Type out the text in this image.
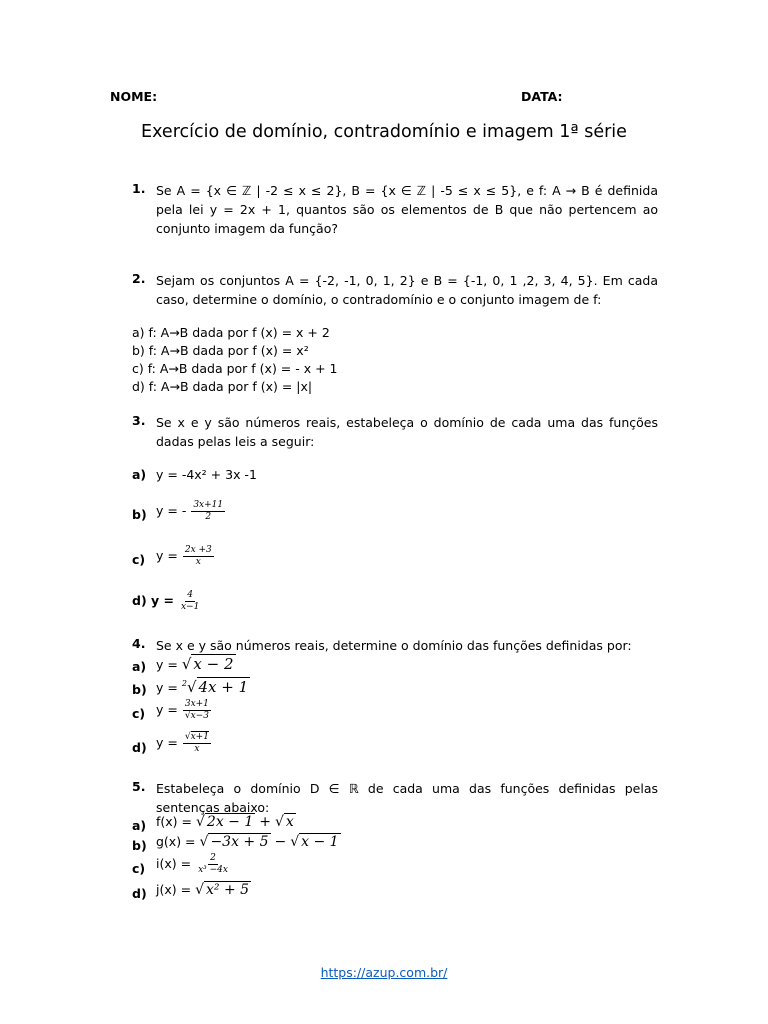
NOME:	DATA:
Exercício de domínio, contradomínio e imagem 1ª série
1. Se A = {x ∈ ℤ | -2 ≤ x ≤ 2}, B = {x ∈ ℤ | -5 ≤ x ≤ 5}, e f: A → B é definida pela lei y = 2x + 1, quantos são os elementos de B que não pertencem ao conjunto imagem da função?
2. Sejam os conjuntos A = {-2, -1, 0, 1, 2} e B = {-1, 0, 1 ,2, 3, 4, 5}. Em cada caso, determine o domínio, o contradomínio e o conjunto imagem de f:
a) f: A→B dada por f (x) = x + 2
b) f: A→B dada por f (x) = x²
c) f: A→B dada por f (x) = - x + 1
d) f: A→B dada por f (x) = |x|
3. Se x e y são números reais, estabeleça o domínio de cada uma das funções dadas pelas leis a seguir:
a) y = -4x² + 3x -1
b) y = - $\frac{3x+11}{2}$
c) $y = \frac{2x +3}{x}$
d) $y = \frac{4}{x-1}$
4. Se x e y são números reais, determine o domínio das funções definidas por:
a) y = √ x − 2
b) y = $^2$√ 4x + 1
c) $y = \frac{3x+1}{√x-3}$
d) $y = \frac{√x+1}{x}$
5. Estabeleça o domínio D ∈ ℝ de cada uma das funções definidas pelas sentenças abaixo:
a) f(x) = √ 2x − 1 + √ x
b) g(x) = √ −3x + 5 − √ x − 1
c) $i(x) = \frac{2}{\text{x³ −4x}}$
d) j(x) = √ x² + 5
https://azup.com.br/
